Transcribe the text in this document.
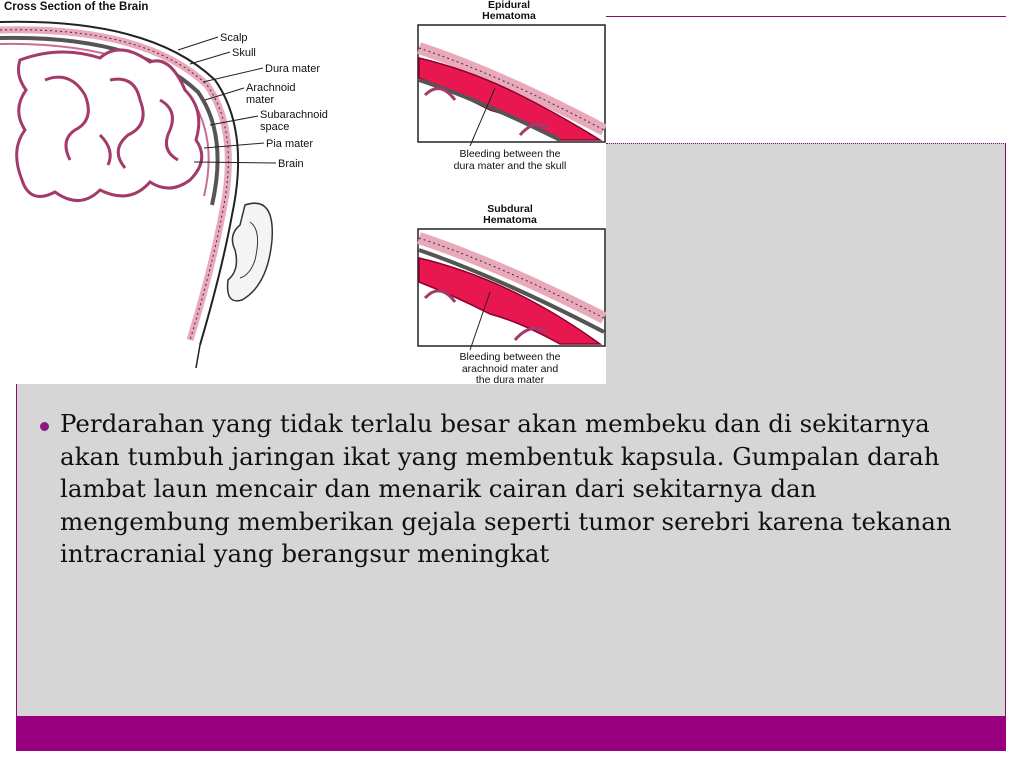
Cross Section of the Brain
Scalp
Skull
Dura mater
Arachnoid
mater
Subarachnoid
space
Pia mater
Brain
Epidural
Hematoma
Bleeding between the
dura mater and the skull
Subdural
Hematoma
Bleeding between the
arachnoid mater and
the dura mater
Perdarahan yang tidak terlalu besar akan membeku dan di sekitarnya akan tumbuh jaringan ikat yang membentuk kapsula. Gumpalan darah lambat laun mencair dan menarik cairan dari sekitarnya dan mengembung memberikan gejala seperti tumor serebri karena tekanan intracranial yang berangsur meningkat
